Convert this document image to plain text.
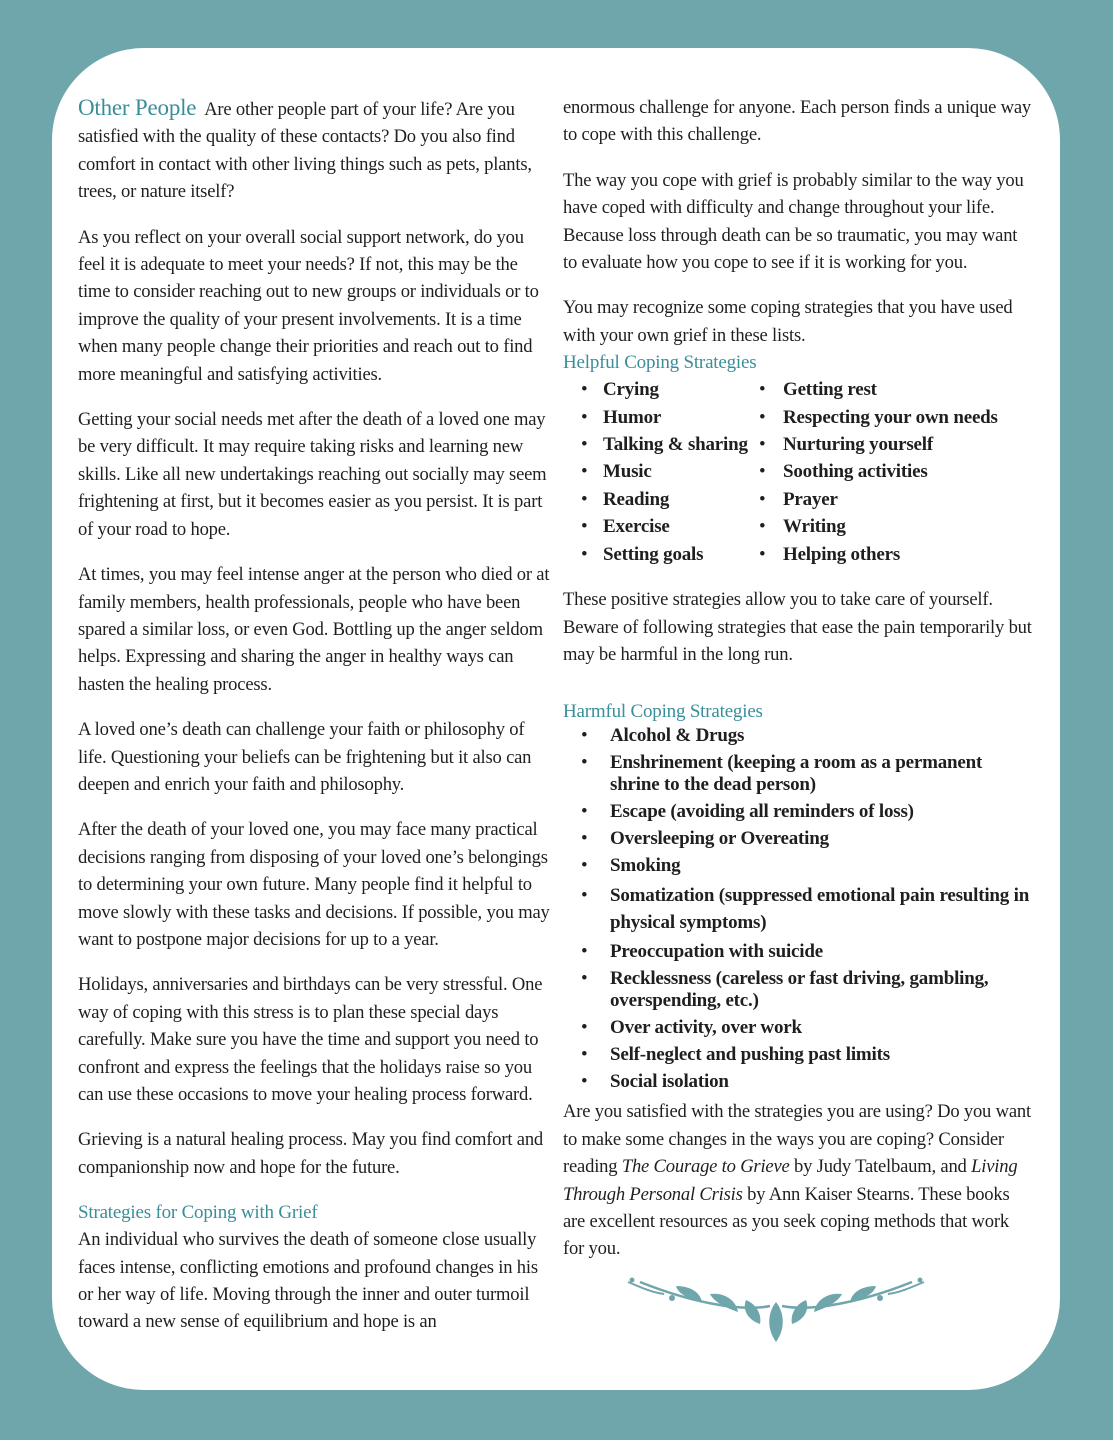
Other People Are other people part of your life? Are you satisfied with the quality of these contacts? Do you also find comfort in contact with other living things such as pets, plants, trees, or nature itself?

As you reflect on your overall social support network, do you feel it is adequate to meet your needs? If not, this may be the time to consider reaching out to new groups or individuals or to improve the quality of your present involvements. It is a time when many people change their priorities and reach out to find more meaningful and satisfying activities.

Getting your social needs met after the death of a loved one may be very difficult. It may require taking risks and learning new skills. Like all new undertakings reaching out socially may seem frightening at first, but it becomes easier as you persist. It is part of your road to hope.

At times, you may feel intense anger at the person who died or at family members, health professionals, people who have been spared a similar loss, or even God. Bottling up the anger seldom helps. Expressing and sharing the anger in healthy ways can hasten the healing process.

A loved one’s death can challenge your faith or philosophy of life. Questioning your beliefs can be frightening but it also can deepen and enrich your faith and philosophy.

After the death of your loved one, you may face many practical decisions ranging from disposing of your loved one’s belongings to determining your own future. Many people find it helpful to move slowly with these tasks and decisions. If possible, you may want to postpone major decisions for up to a year.

Holidays, anniversaries and birthdays can be very stressful. One way of coping with this stress is to plan these special days carefully. Make sure you have the time and support you need to confront and express the feelings that the holidays raise so you can use these occasions to move your healing process forward.

Grieving is a natural healing process. May you find comfort and companionship now and hope for the future.

Strategies for Coping with Grief

An individual who survives the death of someone close usually faces intense, conflicting emotions and profound changes in his or her way of life. Moving through the inner and outer turmoil toward a new sense of equilibrium and hope is an

enormous challenge for anyone. Each person finds a unique way to cope with this challenge.

The way you cope with grief is probably similar to the way you have coped with difficulty and change throughout your life. Because loss through death can be so traumatic, you may want to evaluate how you cope to see if it is working for you.

You may recognize some coping strategies that you have used with your own grief in these lists.

Helpful Coping Strategies
• Crying
• Humor
• Talking & sharing
• Music
• Reading
• Exercise
• Setting goals
• Getting rest
• Respecting your own needs
• Nurturing yourself
• Soothing activities
• Prayer
• Writing
• Helping others

These positive strategies allow you to take care of yourself. Beware of following strategies that ease the pain temporarily but may be harmful in the long run.

Harmful Coping Strategies
• Alcohol & Drugs
• Enshrinement (keeping a room as a permanent shrine to the dead person)
• Escape (avoiding all reminders of loss)
• Oversleeping or Overeating
• Smoking
• Somatization (suppressed emotional pain resulting in physical symptoms)
• Preoccupation with suicide
• Recklessness (careless or fast driving, gambling, overspending, etc.)
• Over activity, over work
• Self-neglect and pushing past limits
• Social isolation

Are you satisfied with the strategies you are using? Do you want to make some changes in the ways you are coping? Consider reading The Courage to Grieve by Judy Tatelbaum, and Living Through Personal Crisis by Ann Kaiser Stearns. These books are excellent resources as you seek coping methods that work for you.
